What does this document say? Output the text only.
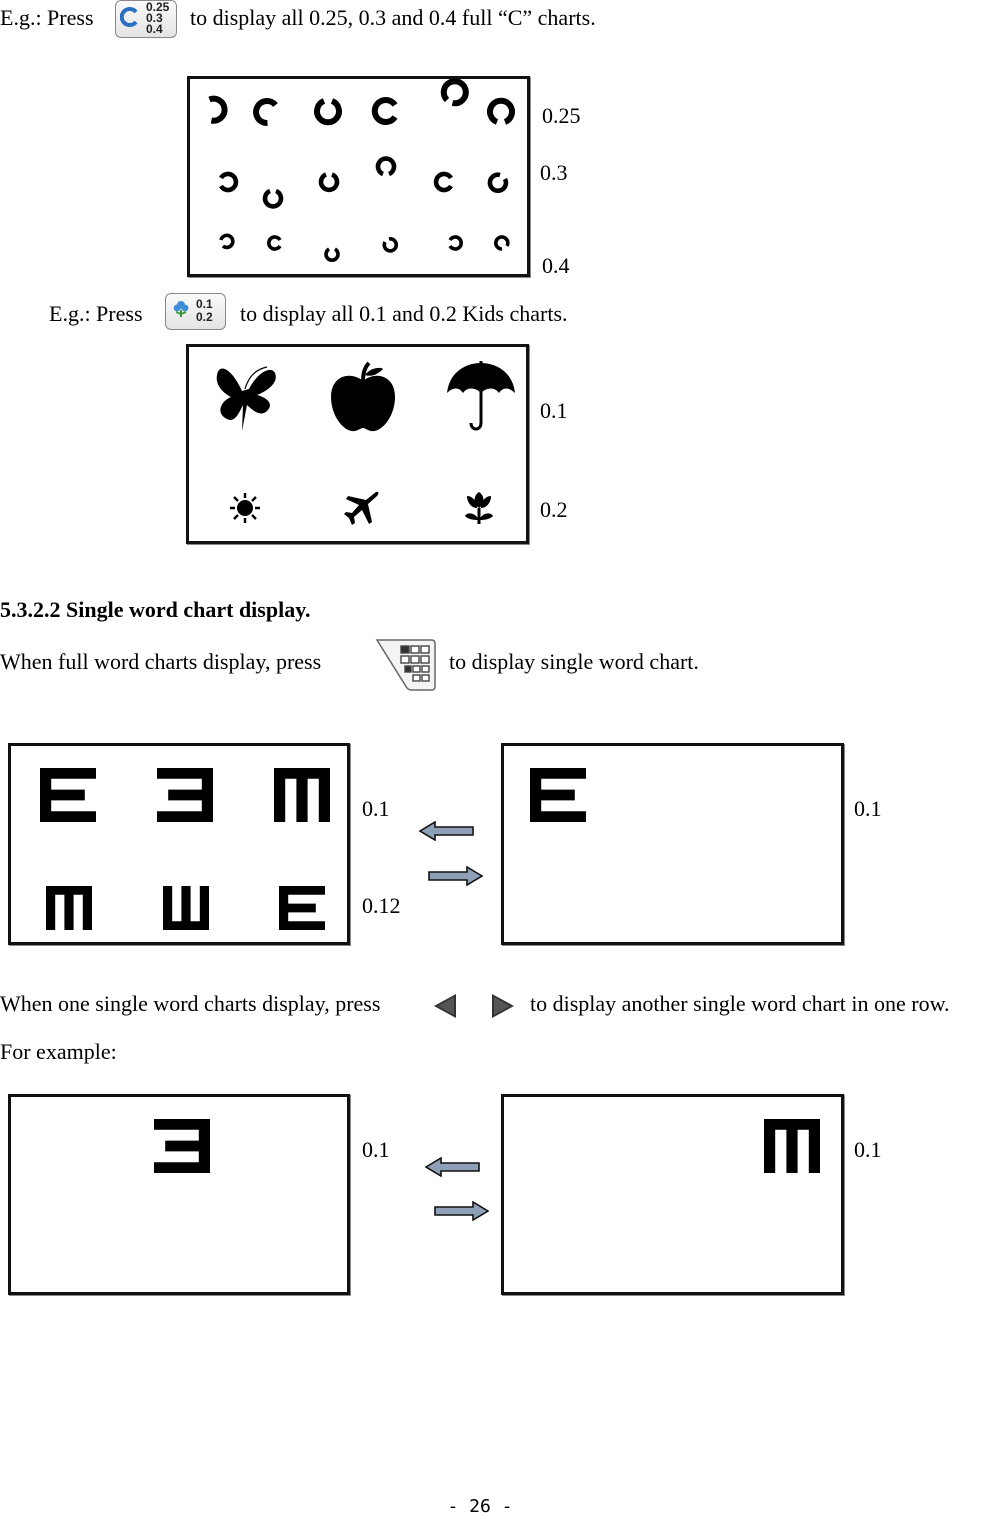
E.g.: Press	0.25
0.3
0.4 to display all 0.25, 0.3 and 0.4 full “C” charts.
0.25
0.3
0.4
E.g.: Press	0.1
0.2 to display all 0.1 and 0.2 Kids charts.
0.1
0.2
5.3.2.2 Single word chart display.
When full word charts display, press	to display single word chart.
0.1
0.12
0.1
When one single word charts display, press	to display another single word chart in one row.
For example:
0.1	0.1
- 26 -
